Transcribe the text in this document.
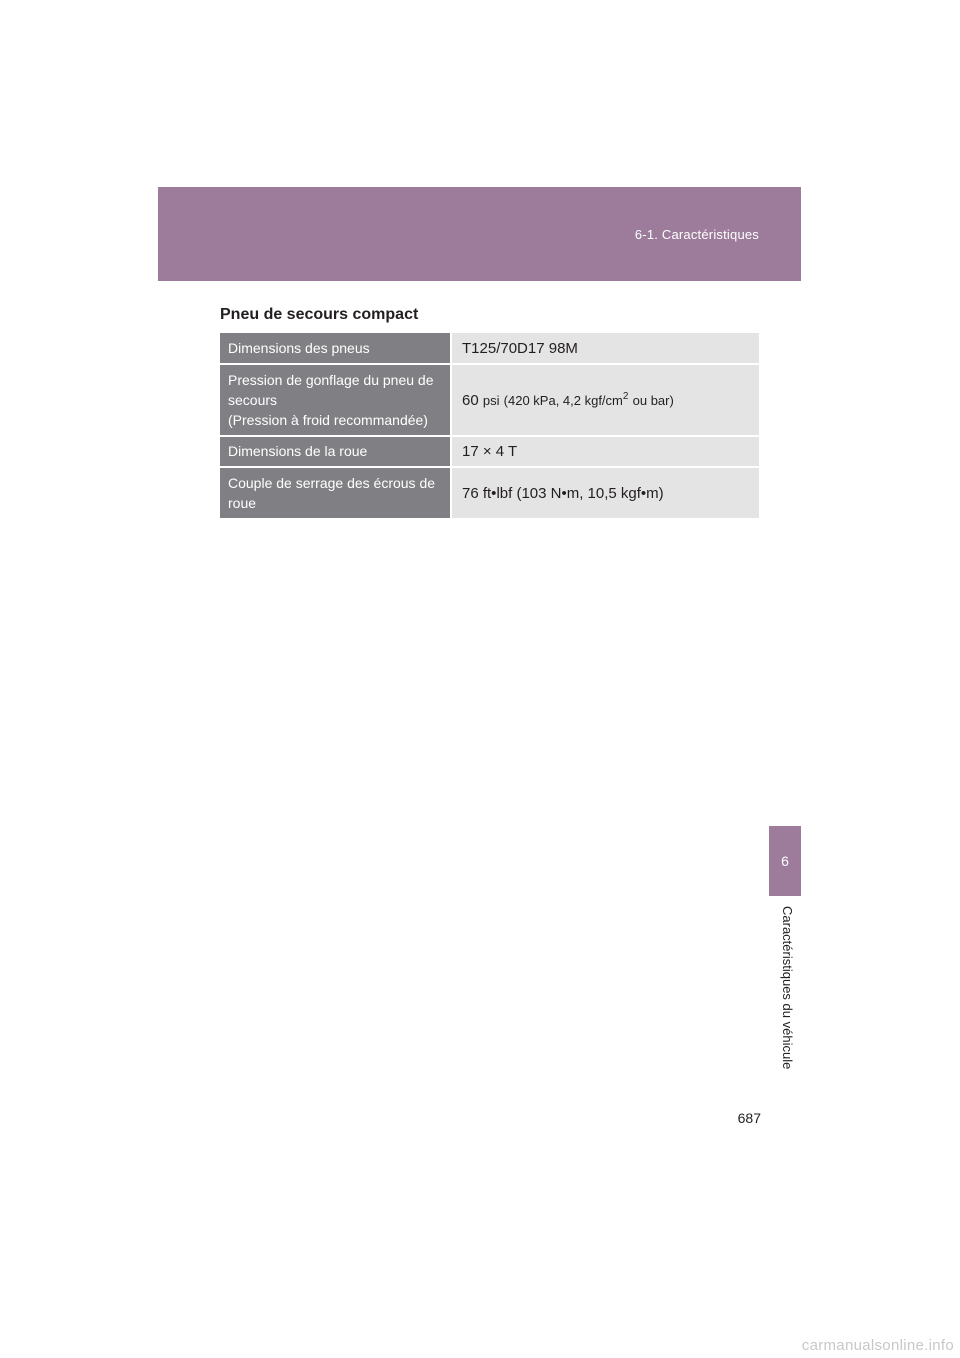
6-1. Caractéristiques
Pneu de secours compact
Dimensions des pneus	T125/70D17 98M
Pression de gonflage du pneu de
secours
(Pression à froid recommandée)	60 psi (420 kPa, 4,2 kgf/$cm^2$ ou bar)
Dimensions de la roue	17 × 4 T
Couple de serrage des écrous de
roue	76 ft•lbf (103 N•m, 10,5 kgf•m)
6
Caractéristiques du véhicule
687
carmanualsonline.info
